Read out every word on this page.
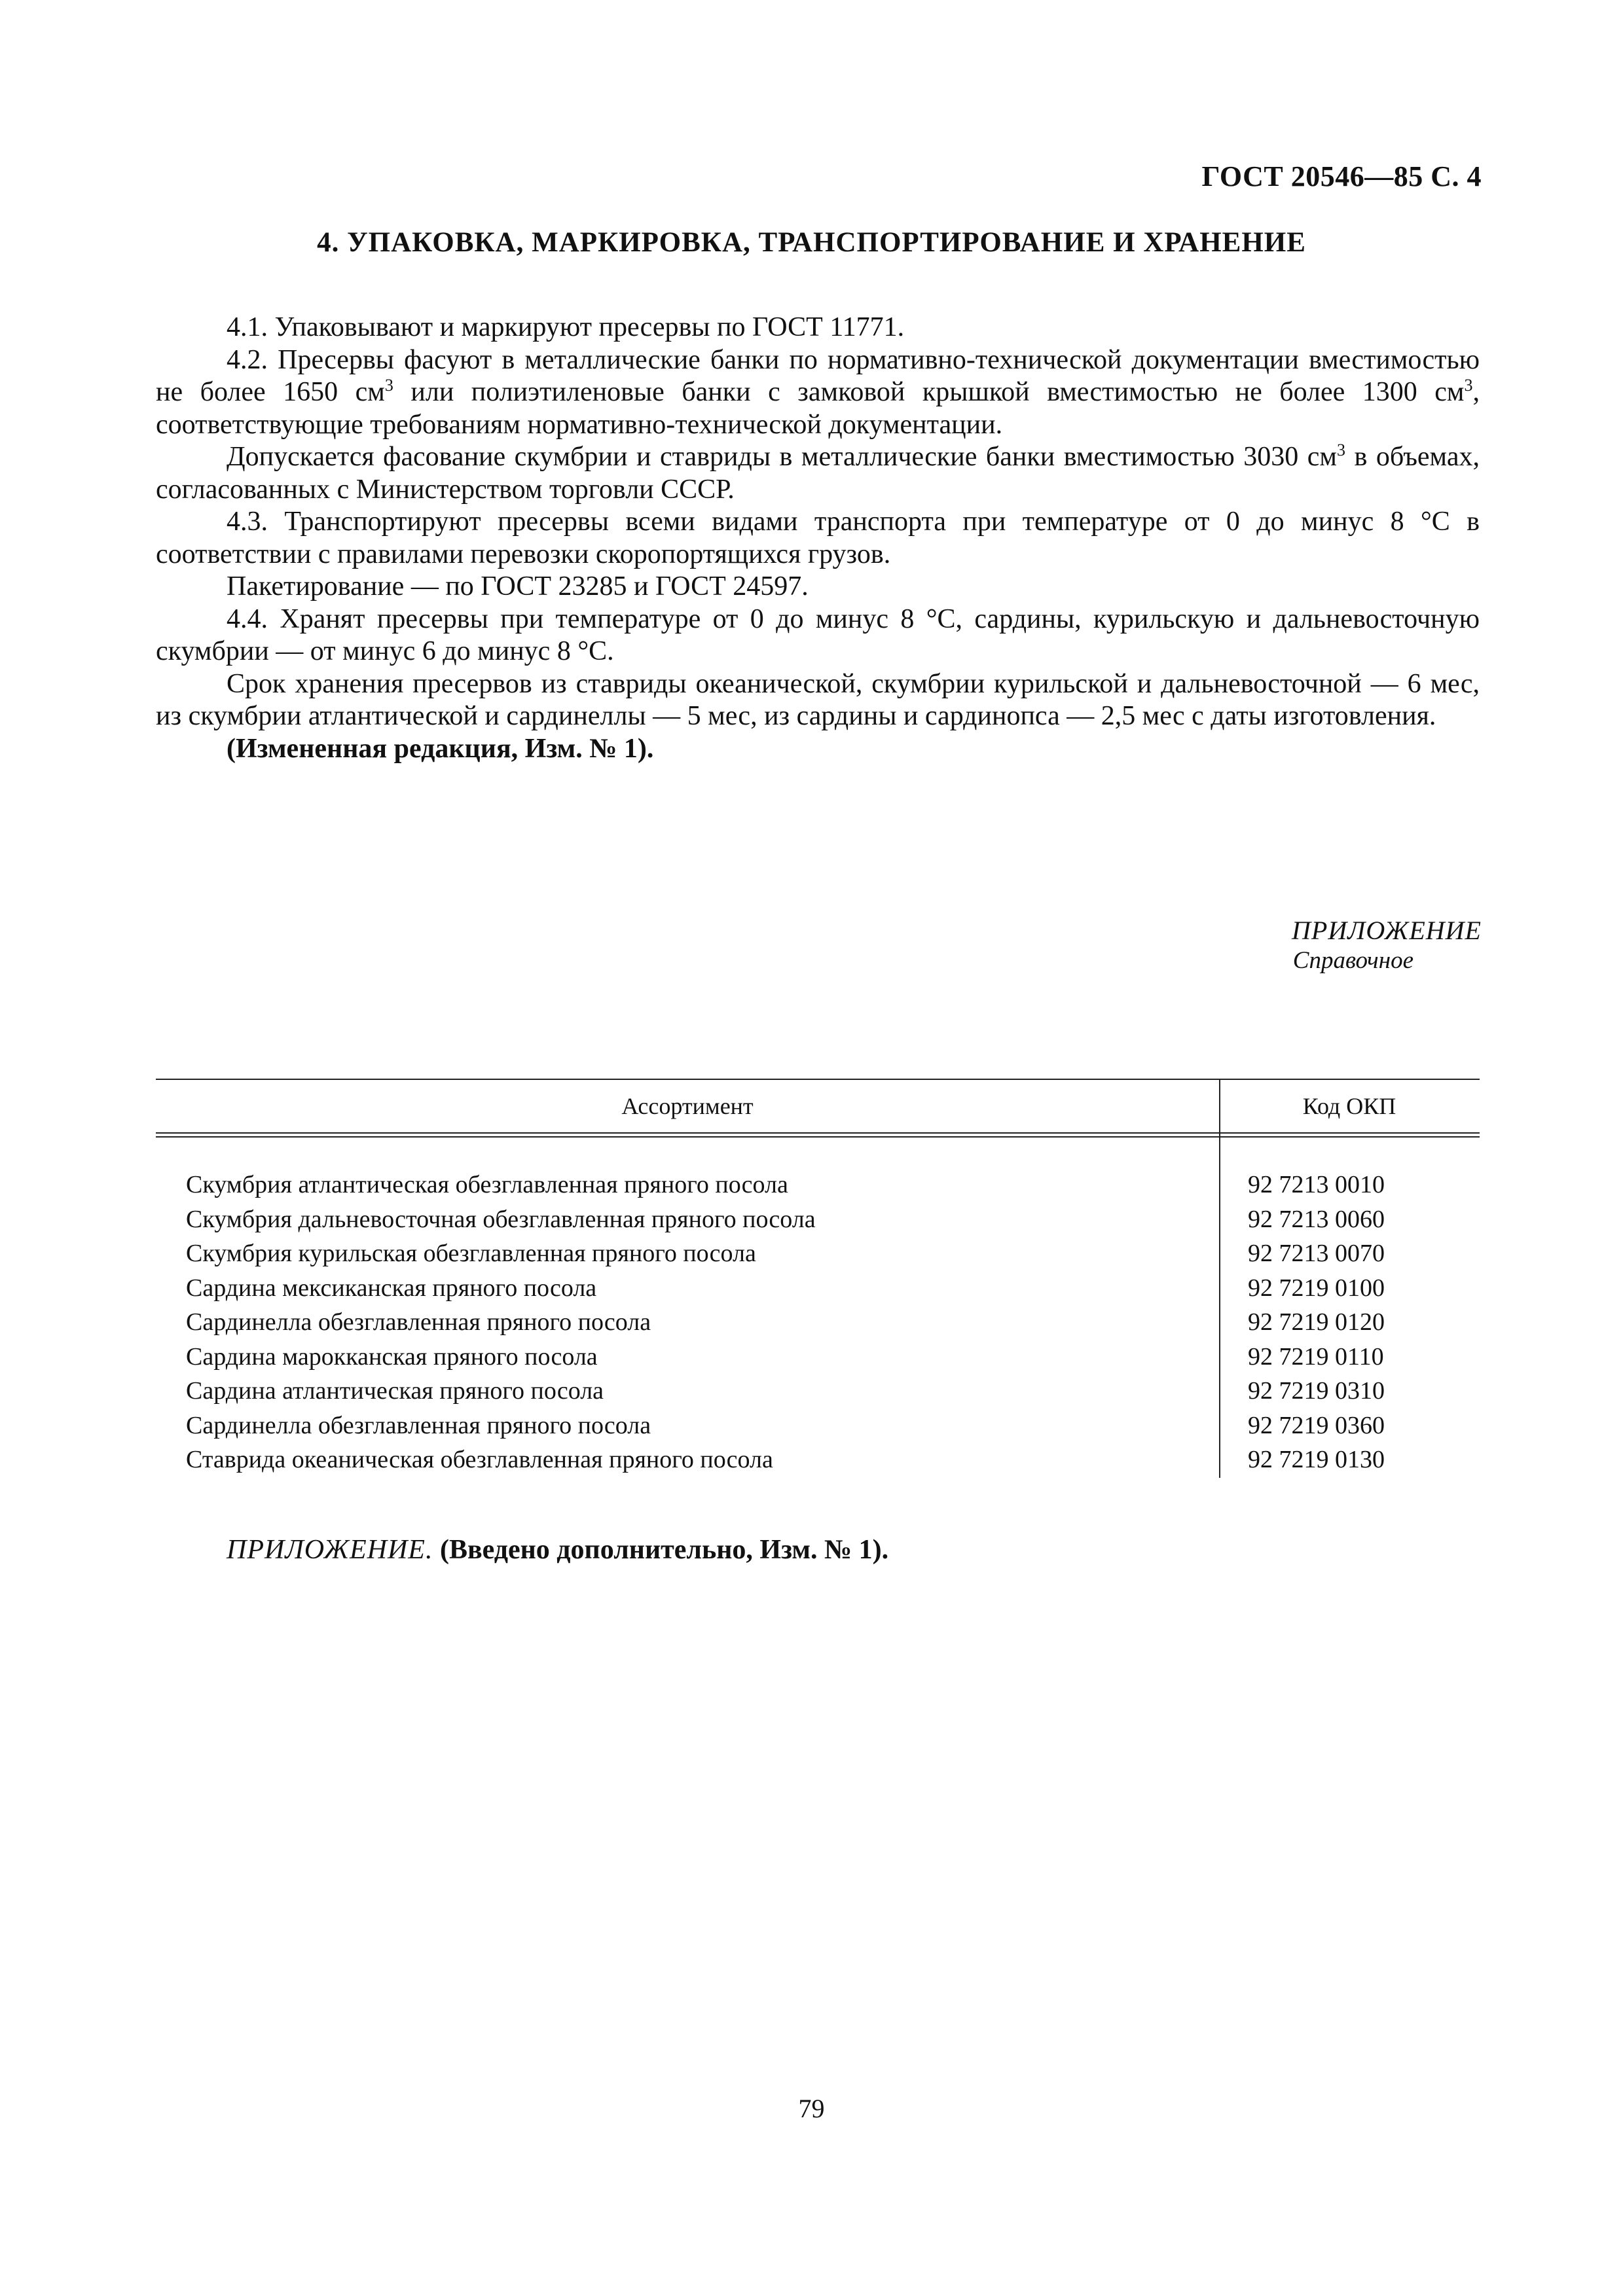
ГОСТ 20546—85 С. 4
4. УПАКОВКА, МАРКИРОВКА, ТРАНСПОРТИРОВАНИЕ И ХРАНЕНИЕ

4.1. Упаковывают и маркируют пресервы по ГОСТ 11771.

4.2. Пресервы фасуют в металлические банки по нормативно-технической документации вместимостью не более 1650 $см^3$ или полиэтиленовые банки с замковой крышкой вместимостью не более 1300 $см^3$, соответствующие требованиям нормативно-технической документации.

Допускается фасование скумбрии и ставриды в металлические банки вместимостью 3030 $см^3$ в объемах, согласованных с Министерством торговли СССР.

4.3. Транспортируют пресервы всеми видами транспорта при температуре от 0 до минус 8 °С в соответствии с правилами перевозки скоропортящихся грузов.

Пакетирование — по ГОСТ 23285 и ГОСТ 24597.

4.4. Хранят пресервы при температуре от 0 до минус 8 °С, сардины, курильскую и дальневосточную скумбрии — от минус 6 до минус 8 °С.

Срок хранения пресервов из ставриды океанической, скумбрии курильской и дальневосточной — 6 мес, из скумбрии атлантической и сардинеллы — 5 мес, из сардины и сардинопса — 2,5 мес с даты изготовления.

(Измененная редакция, Изм. № 1).

ПРИЛОЖЕНИЕ
Справочное
Ассортимент	Код ОКП
Скумбрия атлантическая обезглавленная пряного посола	92 7213 0010
Скумбрия дальневосточная обезглавленная пряного посола	92 7213 0060
Скумбрия курильская обезглавленная пряного посола	92 7213 0070
Сардина мексиканская пряного посола	92 7219 0100
Сардинелла обезглавленная пряного посола	92 7219 0120
Сардина марокканская пряного посола	92 7219 0110
Сардина атлантическая пряного посола	92 7219 0310
Сардинелла обезглавленная пряного посола	92 7219 0360
Ставрида океаническая обезглавленная пряного посола	92 7219 0130
ПРИЛОЖЕНИЕ. (Введено дополнительно, Изм. № 1).
79
